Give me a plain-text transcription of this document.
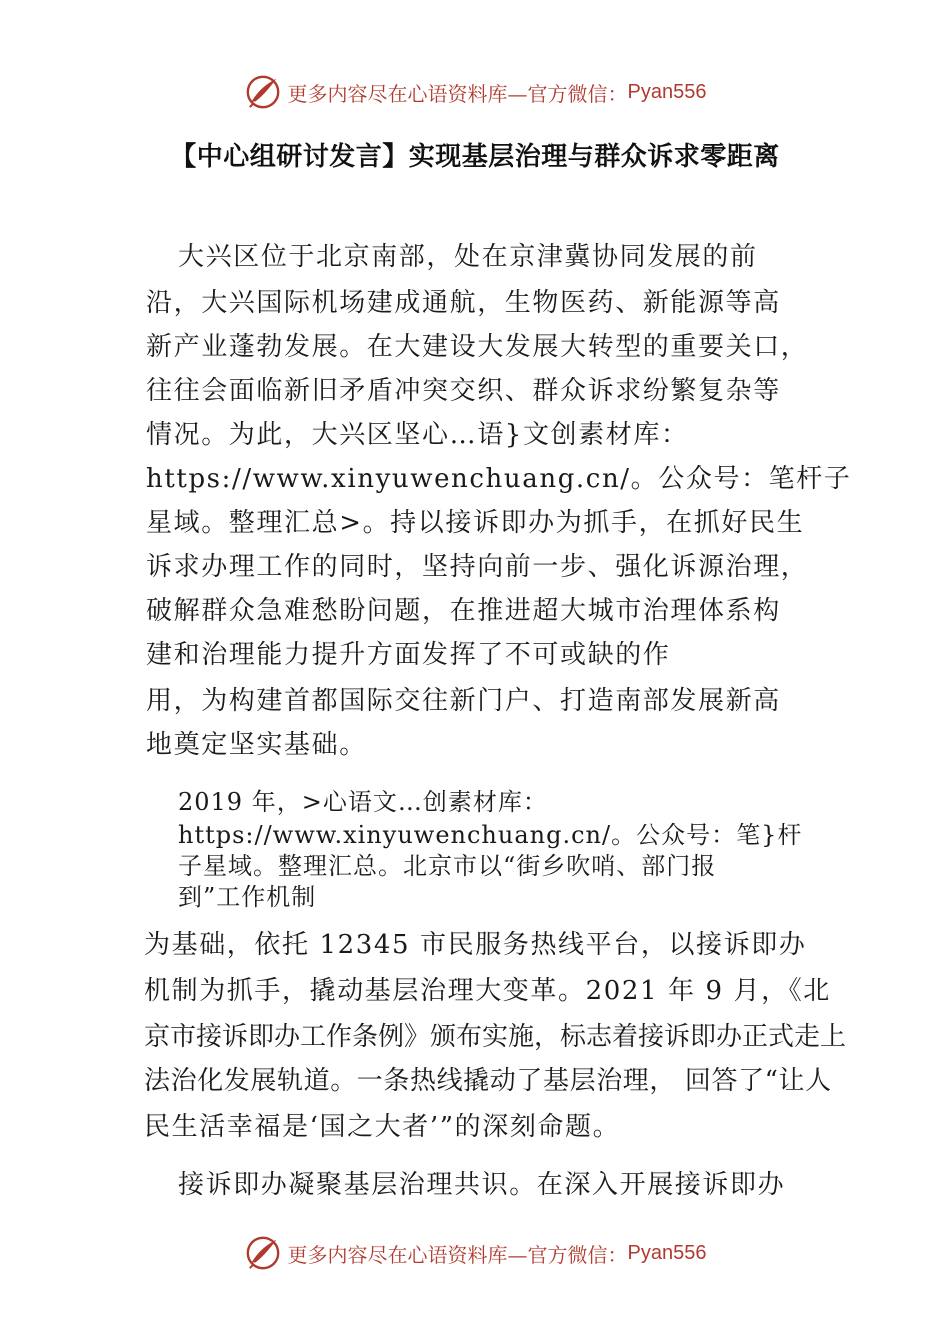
更多内容尽在心语资料库—官方微信： Pyan556
【中心组研讨发言】实现基层治理与群众诉求零距离
大兴区位于北京南部，处在京津冀协同发展的前
沿，大兴国际机场建成通航，生物医药、新能源等高
新产业蓬勃发展。在大建设大发展大转型的重要关口，
往往会面临新旧矛盾冲突交织、群众诉求纷繁复杂等
情况。为此，大兴区坚心…语}文创素材库：
https://www.xinyuwenchuang.cn/。公众号：笔杆子
星域。整理汇总>。持以接诉即办为抓手，在抓好民生
诉求办理工作的同时，坚持向前一步、强化诉源治理，
破解群众急难愁盼问题，在推进超大城市治理体系构
建和治理能力提升方面发挥了不可或缺的作
用，为构建首都国际交往新门户、打造南部发展新高
地奠定坚实基础。
2019 年，>心语文…创素材库：
https://www.xinyuwenchuang.cn/。公众号：笔}杆
子星域。整理汇总。北京市以“街乡吹哨、部门报
到”工作机制
为基础，依托 12345 市民服务热线平台，以接诉即办
机制为抓手，撬动基层治理大变革。2021 年 9 月，《北
京市接诉即办工作条例》颁布实施，标志着接诉即办正式走上
法治化发展轨道。一条热线撬动了基层治理， 回答了“让人
民生活幸福是‘国之大者’”的深刻命题。
接诉即办凝聚基层治理共识。在深入开展接诉即办
更多内容尽在心语资料库—官方微信： Pyan556
